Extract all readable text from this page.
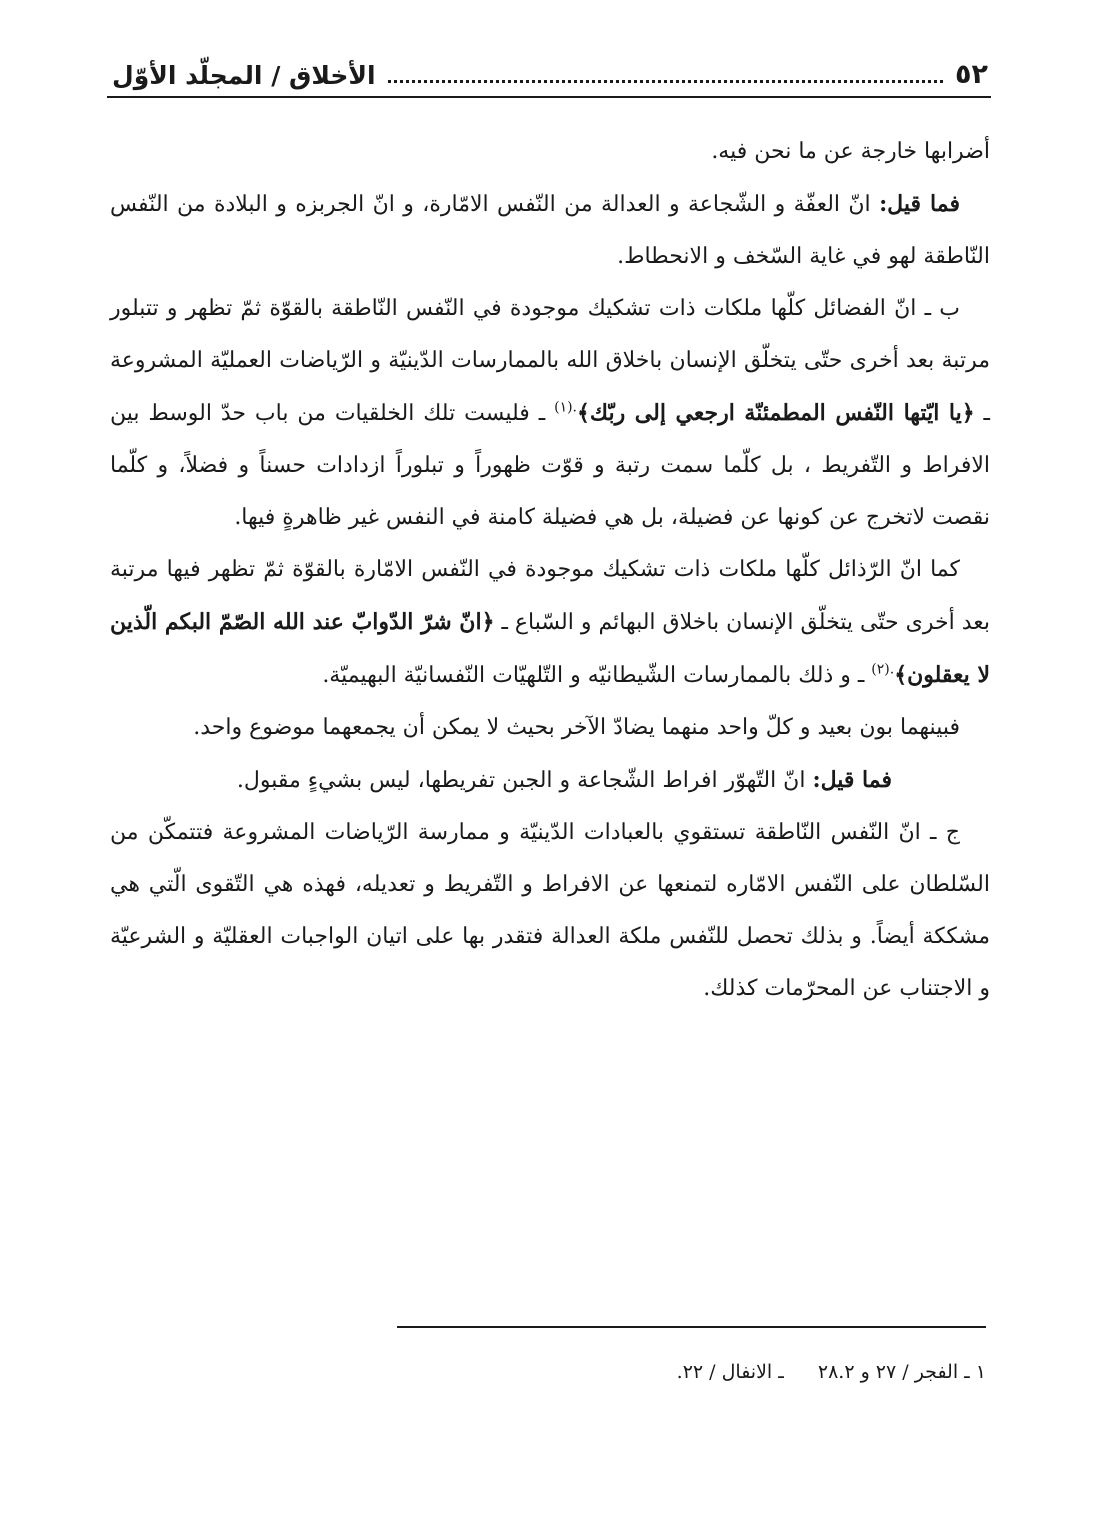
٥٢
الأخلاق / المجلّد الأوّل

أضرابها خارجة عن ما نحن فيه.

فما قيل: انّ العفّة و الشّجاعة و العدالة من النّفس الامّارة، و انّ الجربزه و البلادة من النّفس النّاطقة لهو في غاية السّخف و الانحطاط.

ب ـ انّ الفضائل كلّها ملكات ذات تشكيك موجودة في النّفس النّاطقة بالقوّة ثمّ تظهر و تتبلور مرتبة بعد أخرى حتّى يتخلّق الإنسان باخلاق الله بالممارسات الدّينيّة و الرّياضات العمليّة المشروعة ـ ﴿يا ايّتها النّفس المطمئنّة ارجعي إلى ربّك﴾$^{.(١)}$ ـ فليست تلك الخلقيات من باب حدّ الوسط بين الافراط و التّفريط ، بل كلّما سمت رتبة و قوّت ظهوراً و تبلوراً ازدادات حسناً و فضلاً، و كلّما نقصت لاتخرج عن كونها عن فضيلة، بل هي فضيلة كامنة في النفس غير ظاهرةٍ فيها.

كما انّ الرّذائل كلّها ملكات ذات تشكيك موجودة في النّفس الامّارة بالقوّة ثمّ تظهر فيها مرتبة بعد أخرى حتّى يتخلّق الإنسان باخلاق البهائم و السّباع ـ ﴿انّ شرّ الدّوابّ عند الله الصّمّ البكم الّذين لا يعقلون﴾$^{.(٢)}$ ـ و ذلك بالممارسات الشّيطانيّه و التّلهيّات النّفسانيّة البهيميّة.

فبينهما بون بعيد و كلّ واحد منهما يضادّ الآخر بحيث لا يمكن أن يجمعهما موضوع واحد.

فما قيل: انّ التّهوّر افراط الشّجاعة و الجبن تفريطها، ليس بشيءٍ مقبول.

ج ـ انّ النّفس النّاطقة تستقوي بالعبادات الدّينيّة و ممارسة الرّياضات المشروعة فتتمكّن من السّلطان على النّفس الامّاره لتمنعها عن الافراط و التّفريط و تعديله، فهذه هي التّقوى الّتي هي مشككة أيضاً. و بذلك تحصل للنّفس ملكة العدالة فتقدر بها على اتيان الواجبات العقليّة و الشرعيّة و الاجتناب عن المحرّمات كذلك.

١ ـ الفجر / ٢٧ و ٢٨.٢ ـ الانفال / ٢٢.
